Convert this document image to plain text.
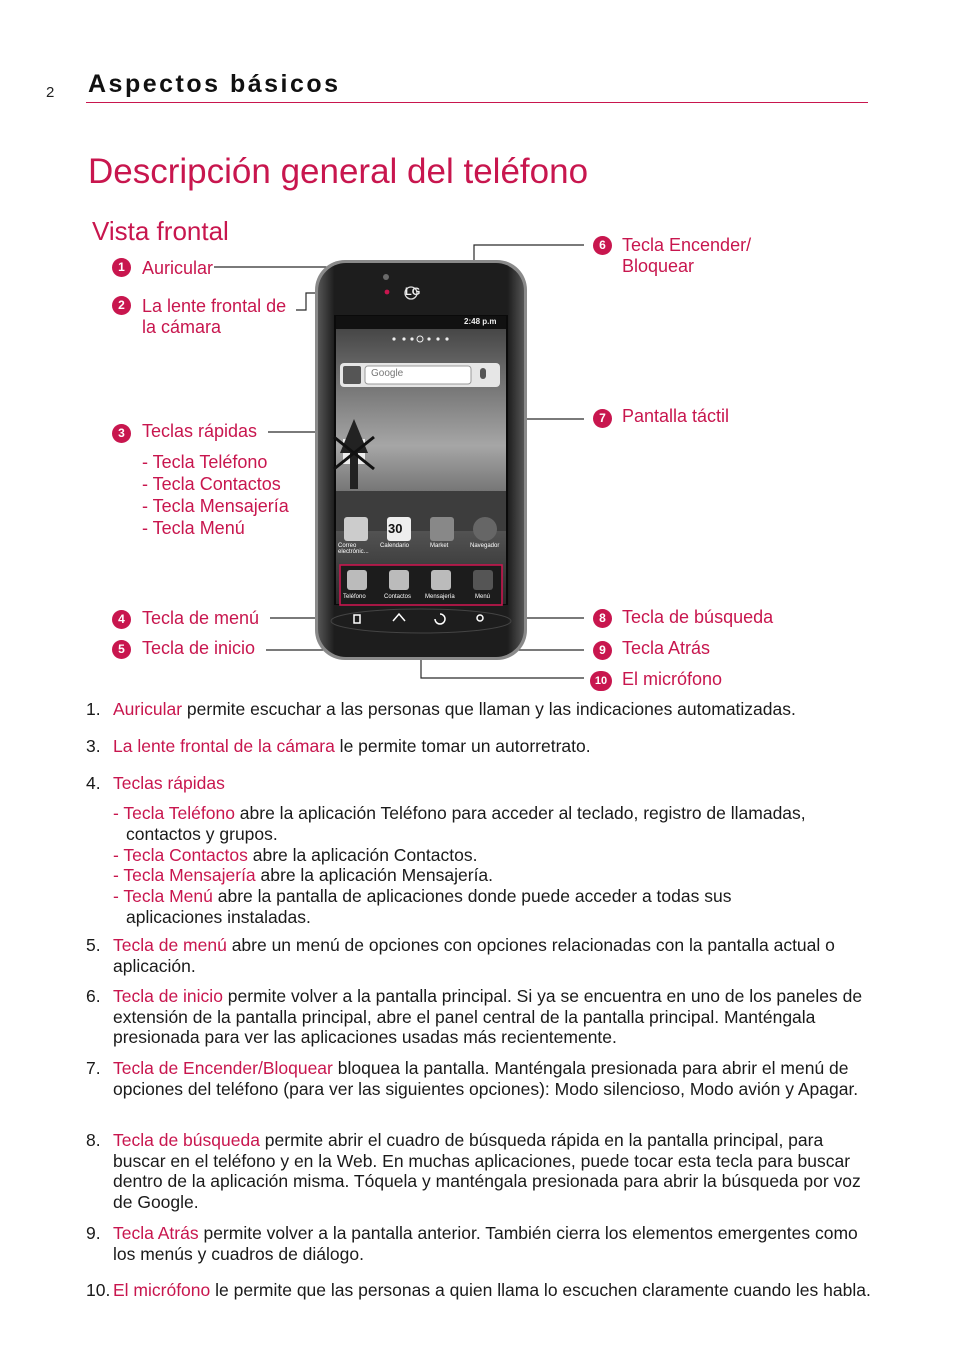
2 Aspectos básicos
Descripción general del teléfono
Vista frontal
1 Auricular
2 La lente frontal de
la cámara
3 Teclas rápidas
- Tecla Teléfono
- Tecla Contactos
- Tecla Mensajería
- Tecla Menú
4 Tecla de menú
5 Tecla de inicio
6 Tecla Encender/
Bloquear
7 Pantalla táctil
8 Tecla de búsqueda
9 Tecla Atrás
10 El micrófono
LG
2:48 p.m
Google
30
Correo electrónic...
Calendario	Market	Navegador
Teléfono	Contactos Mensajería	Menú
1. Auricular permite escuchar a las personas que llaman y las indicaciones automatizadas.
3. La lente frontal de la cámara le permite tomar un autorretrato.
4. Teclas rápidas
- Tecla Teléfono abre la aplicación Teléfono para acceder al teclado, registro de llamadas,
contactos y grupos.
- Tecla Contactos abre la aplicación Contactos.
- Tecla Mensajería abre la aplicación Mensajería.
- Tecla Menú abre la pantalla de aplicaciones donde puede acceder a todas sus
aplicaciones instaladas.
5. Tecla de menú abre un menú de opciones con opciones relacionadas con la pantalla actual o aplicación.
6. Tecla de inicio permite volver a la pantalla principal. Si ya se encuentra en uno de los paneles de extensión de la pantalla principal, abre el panel central de la pantalla principal. Manténgala presionada para ver las aplicaciones usadas más recientemente.
7. Tecla de Encender/Bloquear bloquea la pantalla. Manténgala presionada para abrir el menú de opciones del teléfono (para ver las siguientes opciones): Modo silencioso, Modo avión y Apagar.
8. Tecla de búsqueda permite abrir el cuadro de búsqueda rápida en la pantalla principal, para buscar en el teléfono y en la Web. En muchas aplicaciones, puede tocar esta tecla para buscar dentro de la aplicación misma. Tóquela y manténgala presionada para abrir la búsqueda por voz de Google.
9. Tecla Atrás permite volver a la pantalla anterior. También cierra los elementos emergentes como los menús y cuadros de diálogo.
10. El micrófono le permite que las personas a quien llama lo escuchen claramente cuando les habla.
